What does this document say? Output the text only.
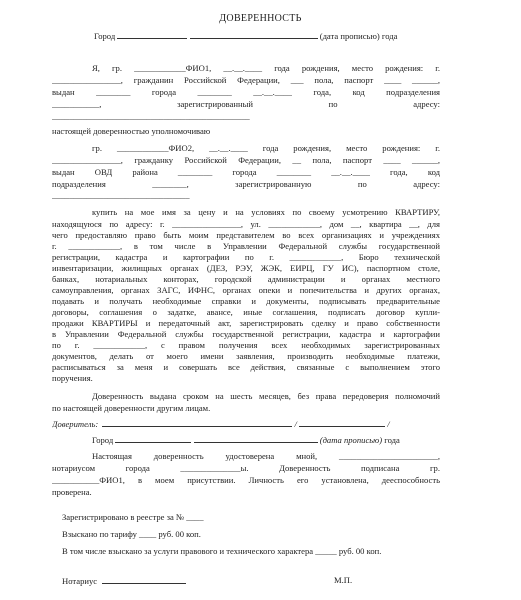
ДОВЕРЕННОСТЬ
Город	(дата прописью) года
Я, гр. ____________ФИО1, __.__.____ года рождения, место рождения: г.
________________, гражданин Российской Федерации, ___ пола, паспорт ____ ______,
выдан ________ города ________ __.__.____ года, код подразделения
___________, зарегистрированный по адресу:
______________________________________________
настоящей доверенностью уполномочиваю
гр. ____________ФИО2, __.__.____ года рождения, место рождения: г.
________________, гражданку Российской Федерации, __ пола, паспорт ____ ______,
выдан ОВД района ________ города ________ __.__.____ года, код
подразделения ________, зарегистрированную по адресу:
________________________________
купить на мое имя за цену и на условиях по своему усмотрению КВАРТИРУ,
находящуюся по адресу: г. ________________, ул. ____________, дом __, квартира __, для
чего предоставляю право быть моим представителем во всех организациях и учреждениях
г. ____________, в том числе в Управлении Федеральной службы государственной
регистрации, кадастра и картографии по г. ____________, Бюро технической
инвентаризации, жилищных органах (ДЕЗ, РЭУ, ЖЭК, ЕИРЦ, ГУ ИС), паспортном столе,
банках, нотариальных конторах, городской администрации и органах местного
самоуправления, органах ЗАГС, ИФНС, органах опеки и попечительства и других органах,
подавать и получать необходимые справки и документы, подписывать предварительные
договоры, соглашения о задатке, авансе, иные соглашения, подписать договор купли-
продажи КВАРТИРЫ и передаточный акт, зарегистрировать сделку и право собственности
в Управлении Федеральной службы государственной регистрации, кадастра и картографии
по г. ____________, с правом получения всех необходимых зарегистрированных
документов, делать от моего имени заявления, производить необходимые платежи,
расписываться за меня и совершать все действия, связанные с выполнением этого
поручения.
Доверенность выдана сроком на шесть месяцев, без права передоверия полномочий
по настоящей доверенности другим лицам.
Доверитель:	/	/
Город	(дата прописью) года
Настоящая доверенность удостоверена мной, _______________________,
нотариусом города ______________ы. Доверенность подписана гр.
___________ФИО1, в моем присутствии. Личность его установлена, дееспособность
проверена.
Зарегистрировано в реестре за № ____
Взыскано по тарифу ____ руб. 00 коп.
В том числе взыскано за услуги правового и технического характера _____ руб. 00 коп.
Нотариус	М.П.
